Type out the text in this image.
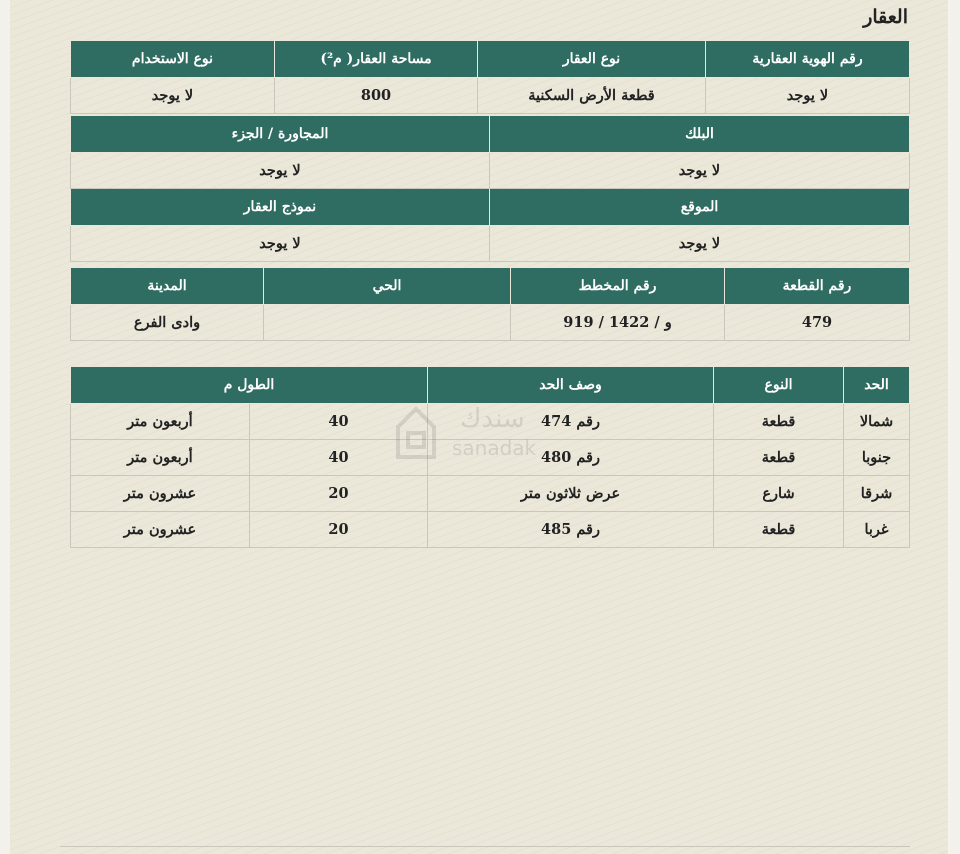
العقار
رقم الهوية العقارية	نوع العقار	مساحة العقار( م²)	نوع الاستخدام
لا يوجد	قطعة الأرض السكنية	800	لا يوجد
البلك	المجاورة / الجزء
لا يوجد	لا يوجد
الموقع	نموذج العقار
لا يوجد	لا يوجد
رقم القطعة	رقم المخطط	الحي	المدينة
479	919 / و / 1422		وادى الفرع
الحد	النوع	وصف الحد	الطول م	
شمالا	قطعة	رقم 474	40	أربعون متر
جنوبا	قطعة	رقم 480	40	أربعون متر
شرقا	شارع	عرض ثلاثون متر	20	عشرون متر
غربا	قطعة	رقم 485	20	عشرون متر
